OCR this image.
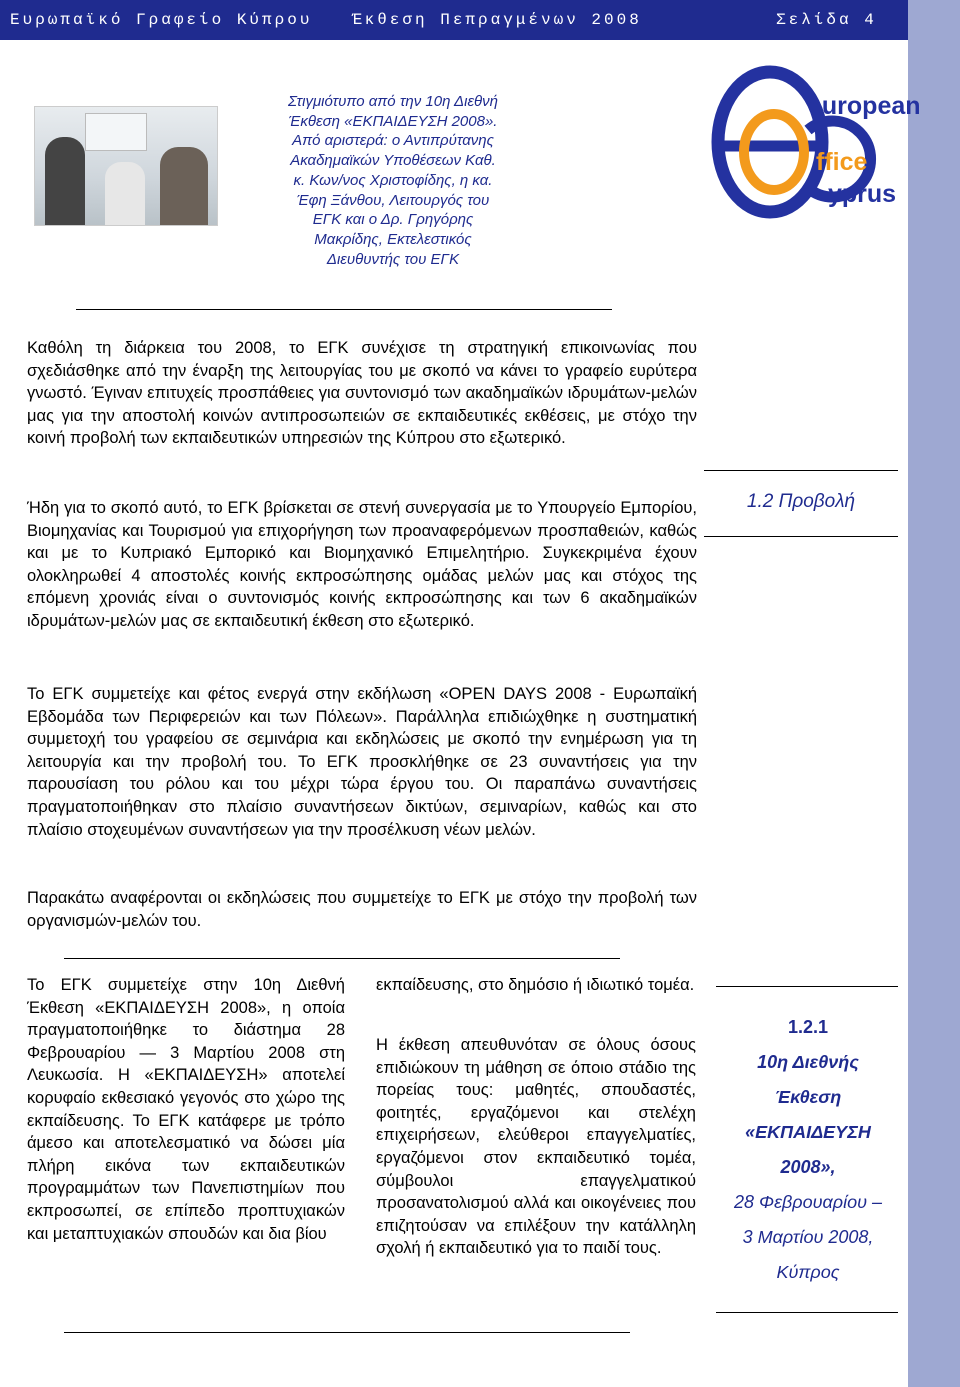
Ευρωπαϊκό Γραφείο Κύπρου Έκθεση Πεπραγμένων 2008	Σελίδα 4
Στιγμιότυπο από την 10η Διεθνή
Έκθεση «ΕΚΠΑΙΔΕΥΣΗ 2008».
Από αριστερά: ο Αντιπρύτανης
Ακαδημαϊκών Υποθέσεων Καθ.
κ. Κων/νος Χριστοφίδης, η κα.
Έφη Ξάνθου, Λειτουργός του
ΕΓΚ και ο Δρ. Γρηγόρης
Μακρίδης, Εκτελεστικός
Διευθυντής του ΕΓΚ
european
ffice
yprus

Καθόλη τη διάρκεια του 2008, το ΕΓΚ συνέχισε τη στρατηγική επικοινωνίας που σχεδιάσθηκε από την έναρξη της λειτουργίας του με σκοπό να κάνει το γραφείο ευρύτερα γνωστό. Έγιναν επιτυχείς προσπάθειες για συντονισμό των ακαδημαϊκών ιδρυμάτων-μελών μας για την αποστολή κοινών αντιπροσωπειών σε εκπαιδευτικές εκθέσεις, με στόχο την κοινή προβολή των εκπαιδευτικών υπηρεσιών της Κύπρου στο εξωτερικό.

Ήδη για το σκοπό αυτό, το ΕΓΚ βρίσκεται σε στενή συνεργασία με το Υπουργείο Εμπορίου, Βιομηχανίας και Τουρισμού για επιχορήγηση των προαναφερόμενων προσπαθειών, καθώς και με το Κυπριακό Εμπορικό και Βιομηχανικό Επιμελητήριο. Συγκεκριμένα έχουν ολοκληρωθεί 4 αποστολές κοινής εκπροσώπησης ομάδας μελών μας και στόχος της επόμενη χρονιάς είναι ο συντονισμός κοινής εκπροσώπησης και των 6 ακαδημαϊκών ιδρυμάτων-μελών μας σε εκπαιδευτική έκθεση στο εξωτερικό.

Το ΕΓΚ συμμετείχε και φέτος ενεργά στην εκδήλωση «OPEN DAYS 2008 - Ευρωπαϊκή Εβδομάδα των Περιφερειών και των Πόλεων». Παράλληλα επιδιώχθηκε η συστηματική συμμετοχή του γραφείου σε σεμινάρια και εκδηλώσεις με σκοπό την ενημέρωση για τη λειτουργία και την προβολή του. Το ΕΓΚ προσκλήθηκε σε 23 συναντήσεις για την παρουσίαση του ρόλου και του μέχρι τώρα έργου του. Οι παραπάνω συναντήσεις πραγματοποιήθηκαν στο πλαίσιο συναντήσεων δικτύων, σεμιναρίων, καθώς και στο πλαίσιο στοχευμένων συναντήσεων για την προσέλκυση νέων μελών.

Παρακάτω αναφέρονται οι εκδηλώσεις που συμμετείχε το ΕΓΚ με στόχο την προβολή των οργανισμών-μελών του.

1.2 Προβολή

Το ΕΓΚ συμμετείχε στην 10η Διεθνή Έκθεση «ΕΚΠΑΙΔΕΥΣΗ 2008», η οποία πραγματοποιήθηκε το διάστημα 28 Φεβρουαρίου — 3 Μαρτίου 2008 στη Λευκωσία. Η «ΕΚΠΑΙΔΕΥΣΗ» αποτελεί κορυφαίο εκθεσιακό γεγονός στο χώρο της εκπαίδευσης. Το ΕΓΚ κατάφερε με τρόπο άμεσο και αποτελεσματικό να δώσει μία πλήρη εικόνα των εκπαιδευτικών προγραμμάτων των Πανεπιστημίων που εκπροσωπεί, σε επίπεδο προπτυχιακών και μεταπτυχιακών σπουδών και δια βίου

εκπαίδευσης, στο δημόσιο ή ιδιωτικό τομέα.

Η έκθεση απευθυνόταν σε όλους όσους επιδιώκουν τη μάθηση σε όποιο στάδιο της πορείας τους: μαθητές, σπουδαστές, φοιτητές, εργαζόμενοι και στελέχη επιχειρήσεων, ελεύθεροι επαγγελματίες, εργαζόμενοι στον εκπαιδευτικό τομέα, σύμβουλοι επαγγελματικού προσανατολισμού αλλά και οικογένειες που επιζητούσαν να επιλέξουν την κατάλληλη σχολή ή εκπαιδευτικό για το παιδί τους.

1.2.1
10η Διεθνής
Έκθεση
«ΕΚΠΑΙΔΕΥΣΗ
2008»,
28 Φεβρουαρίου –
3 Μαρτίου 2008,
Κύπρος
